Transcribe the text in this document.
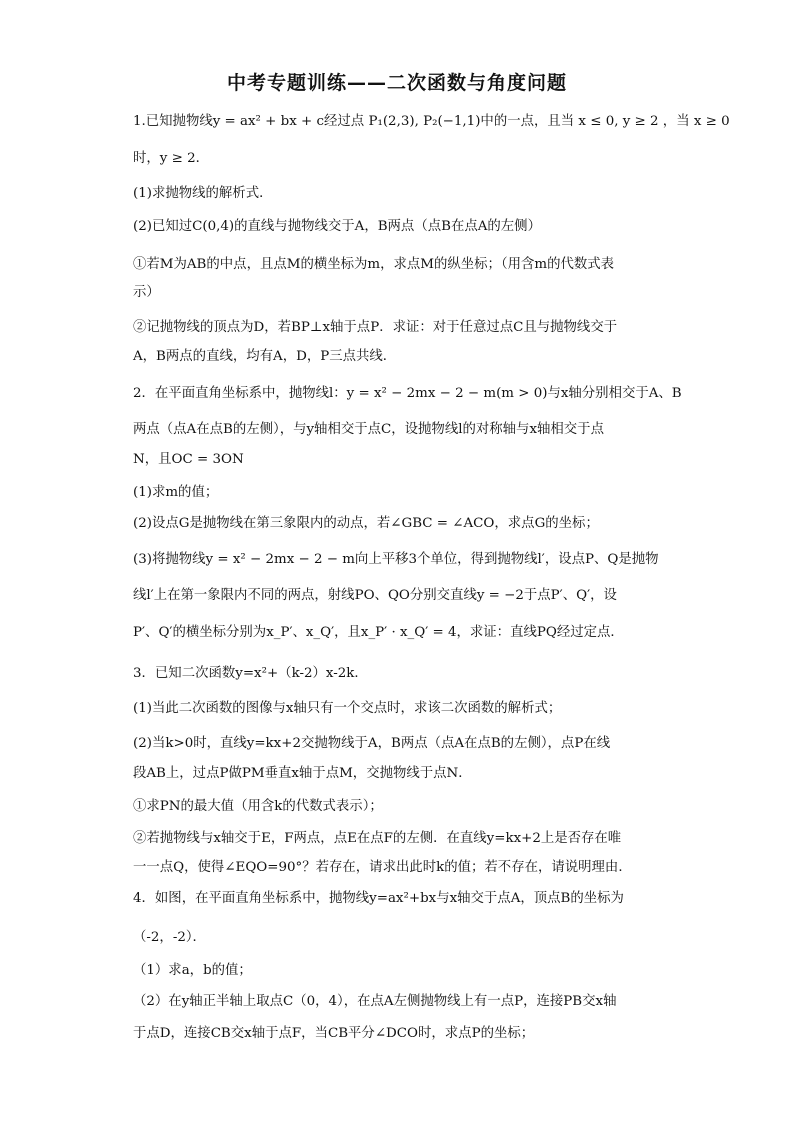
中考专题训练——二次函数与角度问题
1.已知抛物线y = ax² + bx + c经过点 P₁(2,3), P₂(−1,1)中的一点，且当 x ≤ 0, y ≥ 2 ，当 x ≥ 0
时，y ≥ 2．
(1)求抛物线的解析式．
(2)已知过C(0,4)的直线与抛物线交于A，B两点（点B在点A的左侧）
①若M为AB的中点，且点M的横坐标为m，求点M的纵坐标；（用含m的代数式表
示）
②记抛物线的顶点为D，若BP⊥x轴于点P．求证：对于任意过点C且与抛物线交于
A，B两点的直线，均有A，D，P三点共线．
2．在平面直角坐标系中，抛物线l：y = x² − 2mx − 2 − m(m > 0)与x轴分别相交于A、B
两点（点A在点B的左侧），与y轴相交于点C，设抛物线l的对称轴与x轴相交于点
N，且OC = 3ON
(1)求m的值；
(2)设点G是抛物线在第三象限内的动点，若∠GBC = ∠ACO，求点G的坐标；
(3)将抛物线y = x² − 2mx − 2 − m向上平移3个单位，得到抛物线l′，设点P、Q是抛物
线l′上在第一象限内不同的两点，射线PO、QO分别交直线y = −2于点P′、Q′，设
P′、Q′的横坐标分别为x_P′、x_Q′，且x_P′ · x_Q′ = 4，求证：直线PQ经过定点．
3．已知二次函数y=x²+（k-2）x-2k．
(1)当此二次函数的图像与x轴只有一个交点时，求该二次函数的解析式；
(2)当k>0时，直线y=kx+2交抛物线于A，B两点（点A在点B的左侧），点P在线
段AB上，过点P做PM垂直x轴于点M，交抛物线于点N．
①求PN的最大值（用含k的代数式表示）；
②若抛物线与x轴交于E，F两点，点E在点F的左侧．在直线y=kx+2上是否存在唯
一一点Q，使得∠EQO=90°？若存在，请求出此时k的值；若不存在，请说明理由．
4．如图，在平面直角坐标系中，抛物线y=ax²+bx与x轴交于点A，顶点B的坐标为
（-2，-2）．
（1）求a，b的值；
（2）在y轴正半轴上取点C（0，4），在点A左侧抛物线上有一点P，连接PB交x轴
于点D，连接CB交x轴于点F，当CB平分∠DCO时，求点P的坐标；
